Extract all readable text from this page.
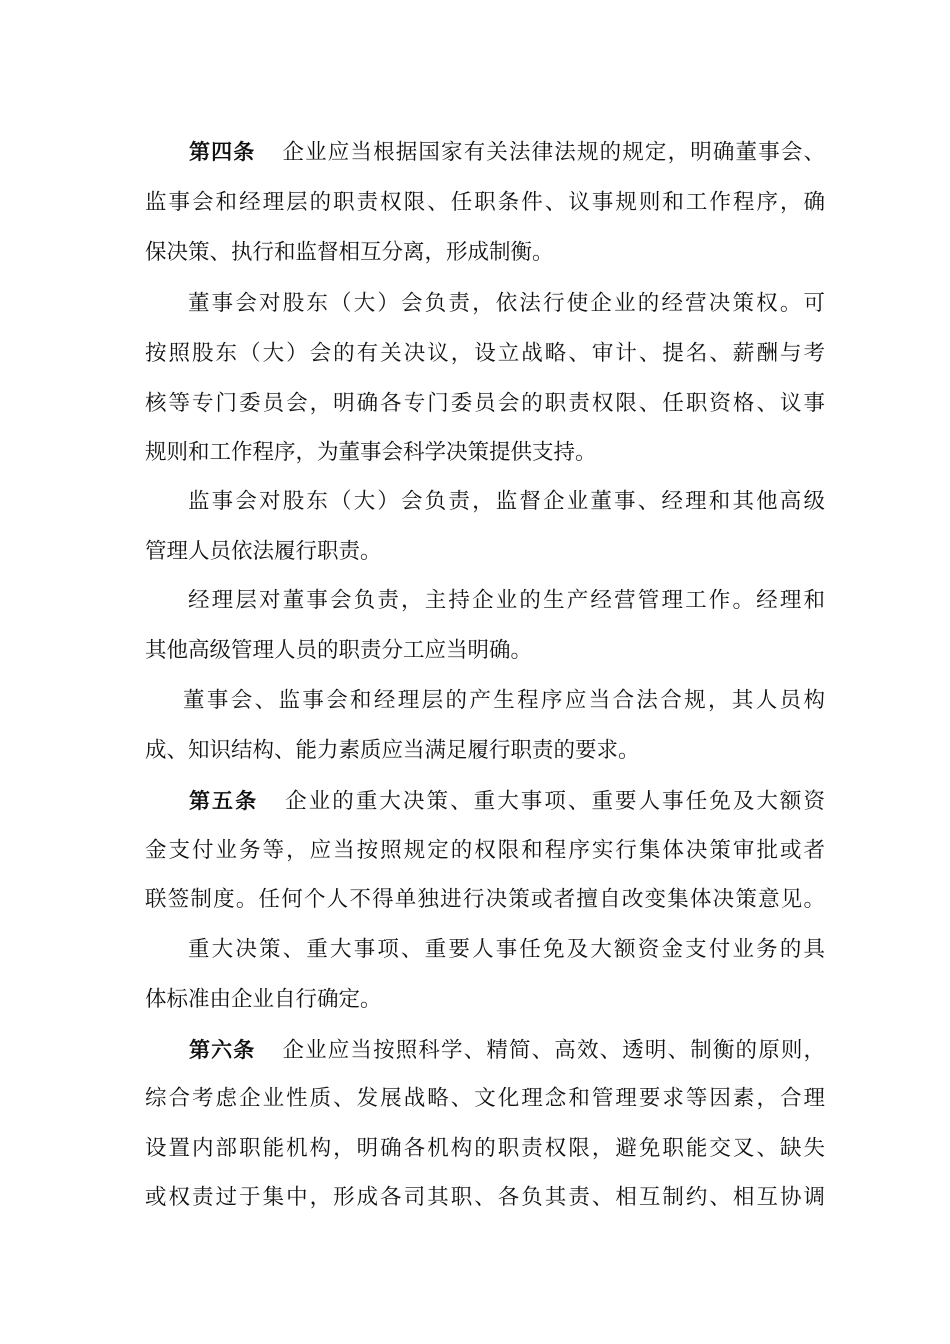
第四条 企业应当根据国家有关法律法规的规定，明确董事会、
监事会和经理层的职责权限、任职条件、议事规则和工作程序，确
保决策、执行和监督相互分离，形成制衡。
董事会对股东（大）会负责，依法行使企业的经营决策权。可
按照股东（大）会的有关决议，设立战略、审计、提名、薪酬与考
核等专门委员会，明确各专门委员会的职责权限、任职资格、议事
规则和工作程序，为董事会科学决策提供支持。
监事会对股东（大）会负责，监督企业董事、经理和其他高级
管理人员依法履行职责。
经理层对董事会负责，主持企业的生产经营管理工作。经理和
其他高级管理人员的职责分工应当明确。
董事会、监事会和经理层的产生程序应当合法合规，其人员构
成、知识结构、能力素质应当满足履行职责的要求。
第五条 企业的重大决策、重大事项、重要人事任免及大额资
金支付业务等，应当按照规定的权限和程序实行集体决策审批或者
联签制度。任何个人不得单独进行决策或者擅自改变集体决策意见。
重大决策、重大事项、重要人事任免及大额资金支付业务的具
体标准由企业自行确定。
第六条 企业应当按照科学、精简、高效、透明、制衡的原则，
综合考虑企业性质、发展战略、文化理念和管理要求等因素，合理
设置内部职能机构，明确各机构的职责权限，避免职能交叉、缺失
或权责过于集中，形成各司其职、各负其责、相互制约、相互协调
